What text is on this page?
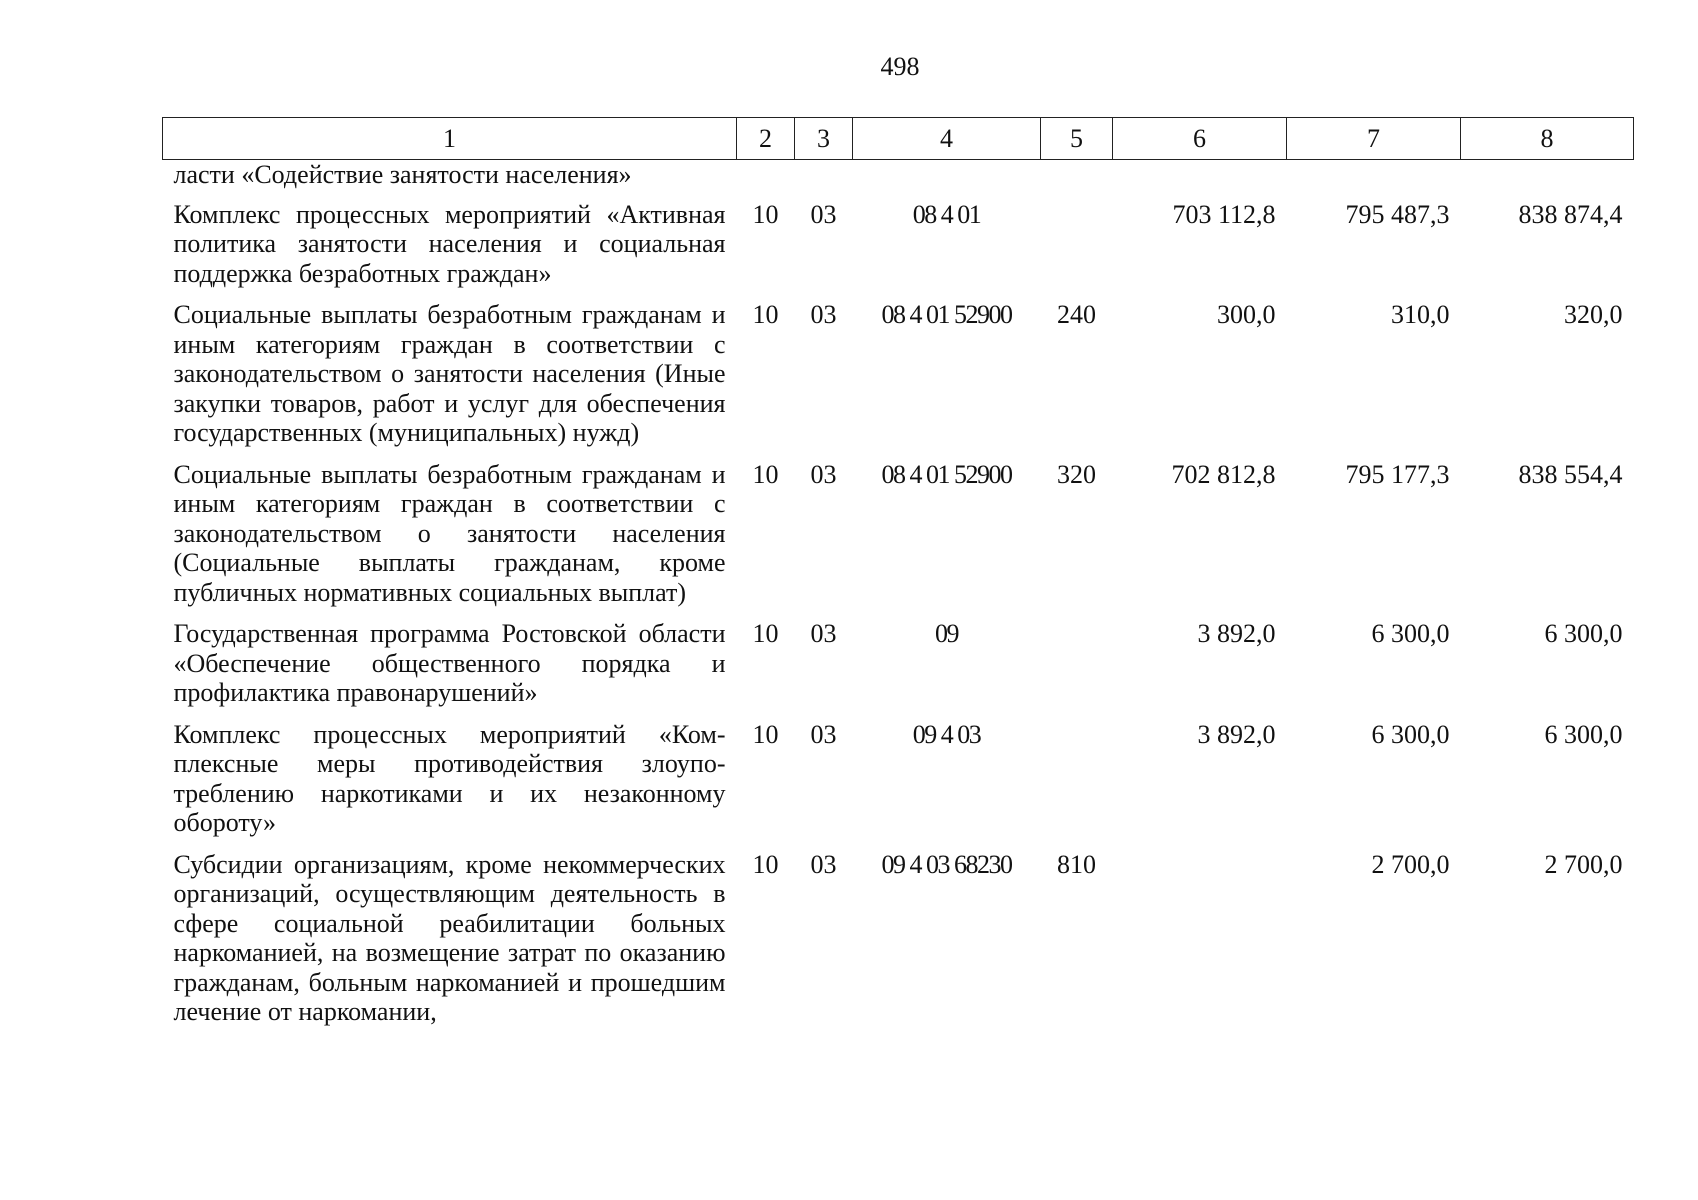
498
1	2	3	4	5	6	7	8
ласти «Содействие занятости населения»							
Комплекс процессных мероприятий «Активная политика занятости населения и социальная поддержка безработных граждан»	10	03	08 4 01		703 112,8	795 487,3	838 874,4
Социальные выплаты безработным гражданам и иным категориям граждан в соответствии с законодательством о занятости населения (Иные закупки товаров, работ и услуг для обеспечения государственных (муниципальных) нужд)	10	03	08 4 01 52900	240	300,0	310,0	320,0
Социальные выплаты безработным гражданам и иным категориям граждан в соответствии с законодательством о занятости населения (Социальные выплаты гражданам, кроме публичных нормативных социальных выплат)	10	03	08 4 01 52900	320	702 812,8	795 177,3	838 554,4
Государственная программа Ростовской области «Обеспечение общественного порядка и профилактика правонарушений»	10	03	09		3 892,0	6 300,0	6 300,0
Комплекс процессных мероприятий «Комплексные меры противодействия злоупотреблению наркотиками и их незаконному обороту»	10	03	09 4 03		3 892,0	6 300,0	6 300,0
Субсидии организациям, кроме некоммерческих организаций, осуществляющим деятельность в сфере социальной реабилитации больных наркоманией, на возмещение затрат по оказанию гражданам, больным наркоманией и прошедшим лечение от наркомании,	10	03	09 4 03 68230	810		2 700,0	2 700,0
